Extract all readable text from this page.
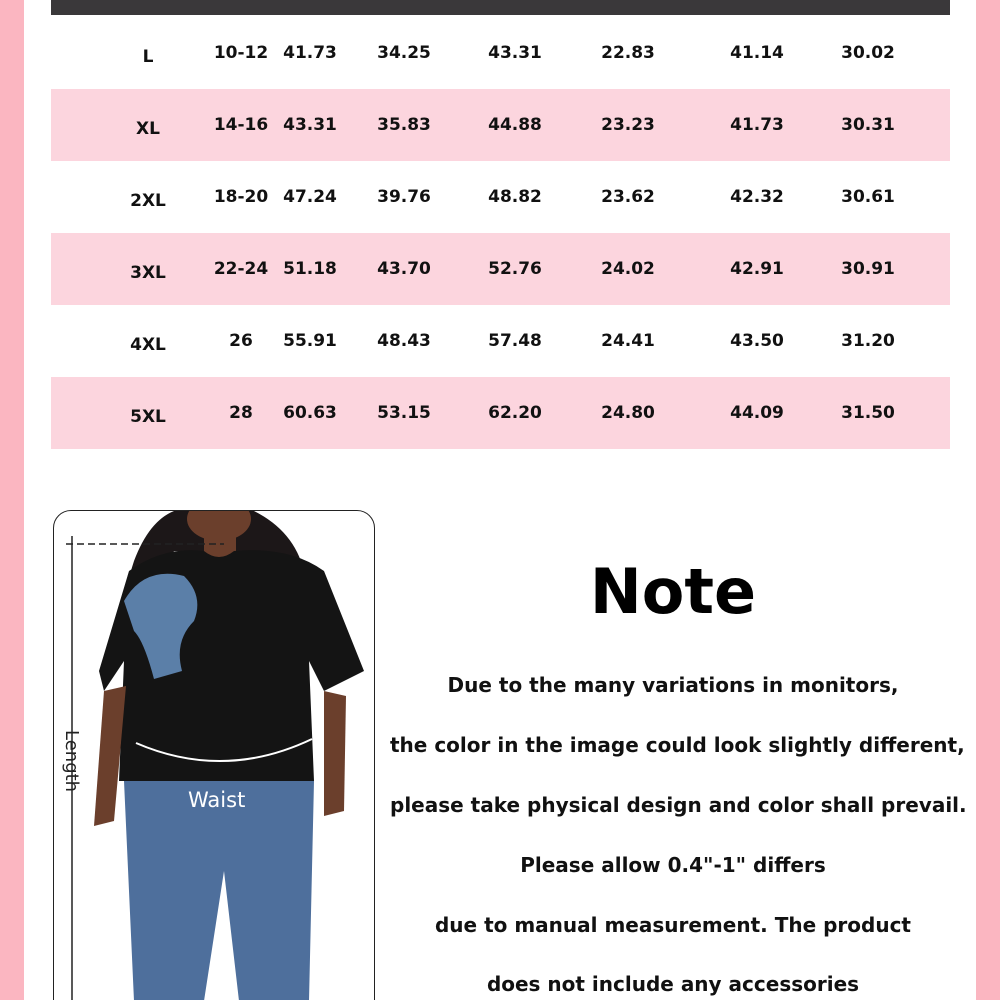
L	10-12 41.73 34.25	43.31	22.83	41.14	30.02
XL	14-16 43.31 35.83	44.88	23.23	41.73	30.31
2XL	18-20 47.24 39.76	48.82	23.62	42.32	30.61
3XL	22-24 51.18 43.70	52.76	24.02	42.91	30.91
4XL	26	55.91 48.43	57.48	24.41	43.50	31.20
5XL	28	60.63 53.15	62.20	24.80	44.09	31.50
Waist
Length
Note
Due to the many variations in monitors,
the color in the image could look slightly different,
please take physical design and color shall prevail.
Please allow 0.4"-1" differs
due to manual measurement. The product
does not include any accessories
